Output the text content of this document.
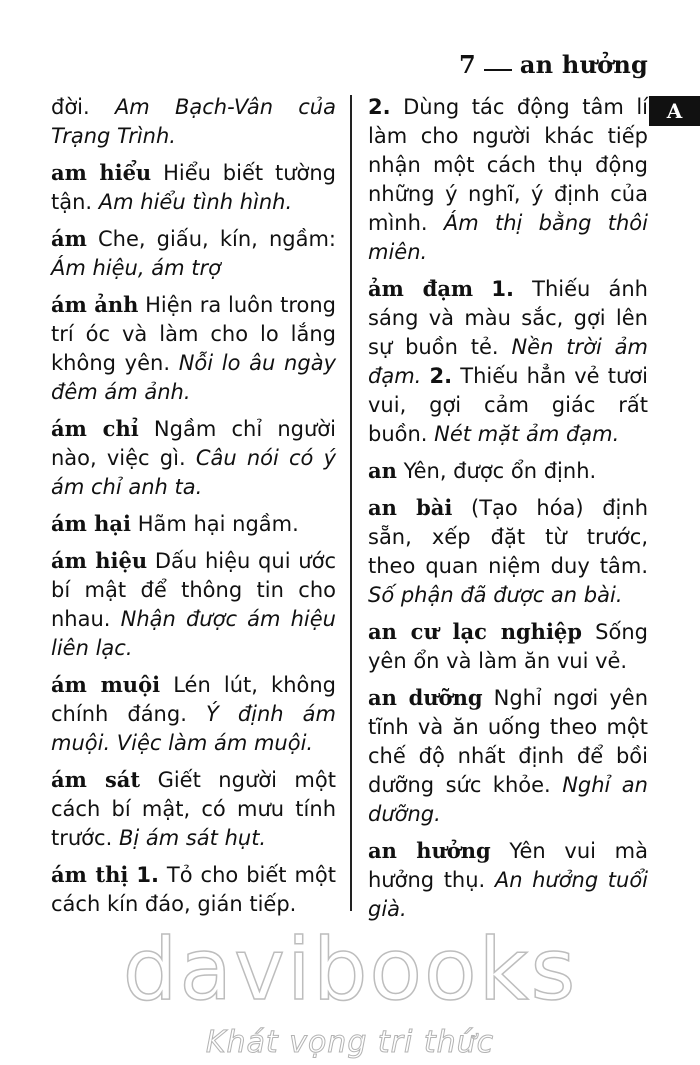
7 an hưởng
A
đời. Am Bạch-Vân của Trạng Trình.
am hiểu Hiểu biết tường tận. Am hiểu tình hình.
ám Che, giấu, kín, ngầm: Ám hiệu, ám trợ
ám ảnh Hiện ra luôn trong trí óc và làm cho lo lắng không yên. Nỗi lo âu ngày đêm ám ảnh.
ám chỉ Ngầm chỉ người nào, việc gì. Câu nói có ý ám chỉ anh ta.
ám hại Hãm hại ngầm.
ám hiệu Dấu hiệu qui ước bí mật để thông tin cho nhau. Nhận được ám hiệu liên lạc.
ám muội Lén lút, không chính đáng. Ý định ám muội. Việc làm ám muội.
ám sát Giết người một cách bí mật, có mưu tính trước. Bị ám sát hụt.
ám thị 1. Tỏ cho biết một cách kín đáo, gián tiếp.
2. Dùng tác động tâm lí làm cho người khác tiếp nhận một cách thụ động những ý nghĩ, ý định của mình. Ám thị bằng thôi miên.
ảm đạm 1. Thiếu ánh sáng và màu sắc, gợi lên sự buồn tẻ. Nền trời ảm đạm. 2. Thiếu hẳn vẻ tươi vui, gợi cảm giác rất buồn. Nét mặt ảm đạm.
an Yên, được ổn định.
an bài (Tạo hóa) định sẵn, xếp đặt từ trước, theo quan niệm duy tâm. Số phận đã được an bài.
an cư lạc nghiệp Sống yên ổn và làm ăn vui vẻ.
an dưỡng Nghỉ ngơi yên tĩnh và ăn uống theo một chế độ nhất định để bồi dưỡng sức khỏe. Nghỉ an dưỡng.
an hưởng Yên vui mà hưởng thụ. An hưởng tuổi già.
davibooks
Khát vọng tri thức
